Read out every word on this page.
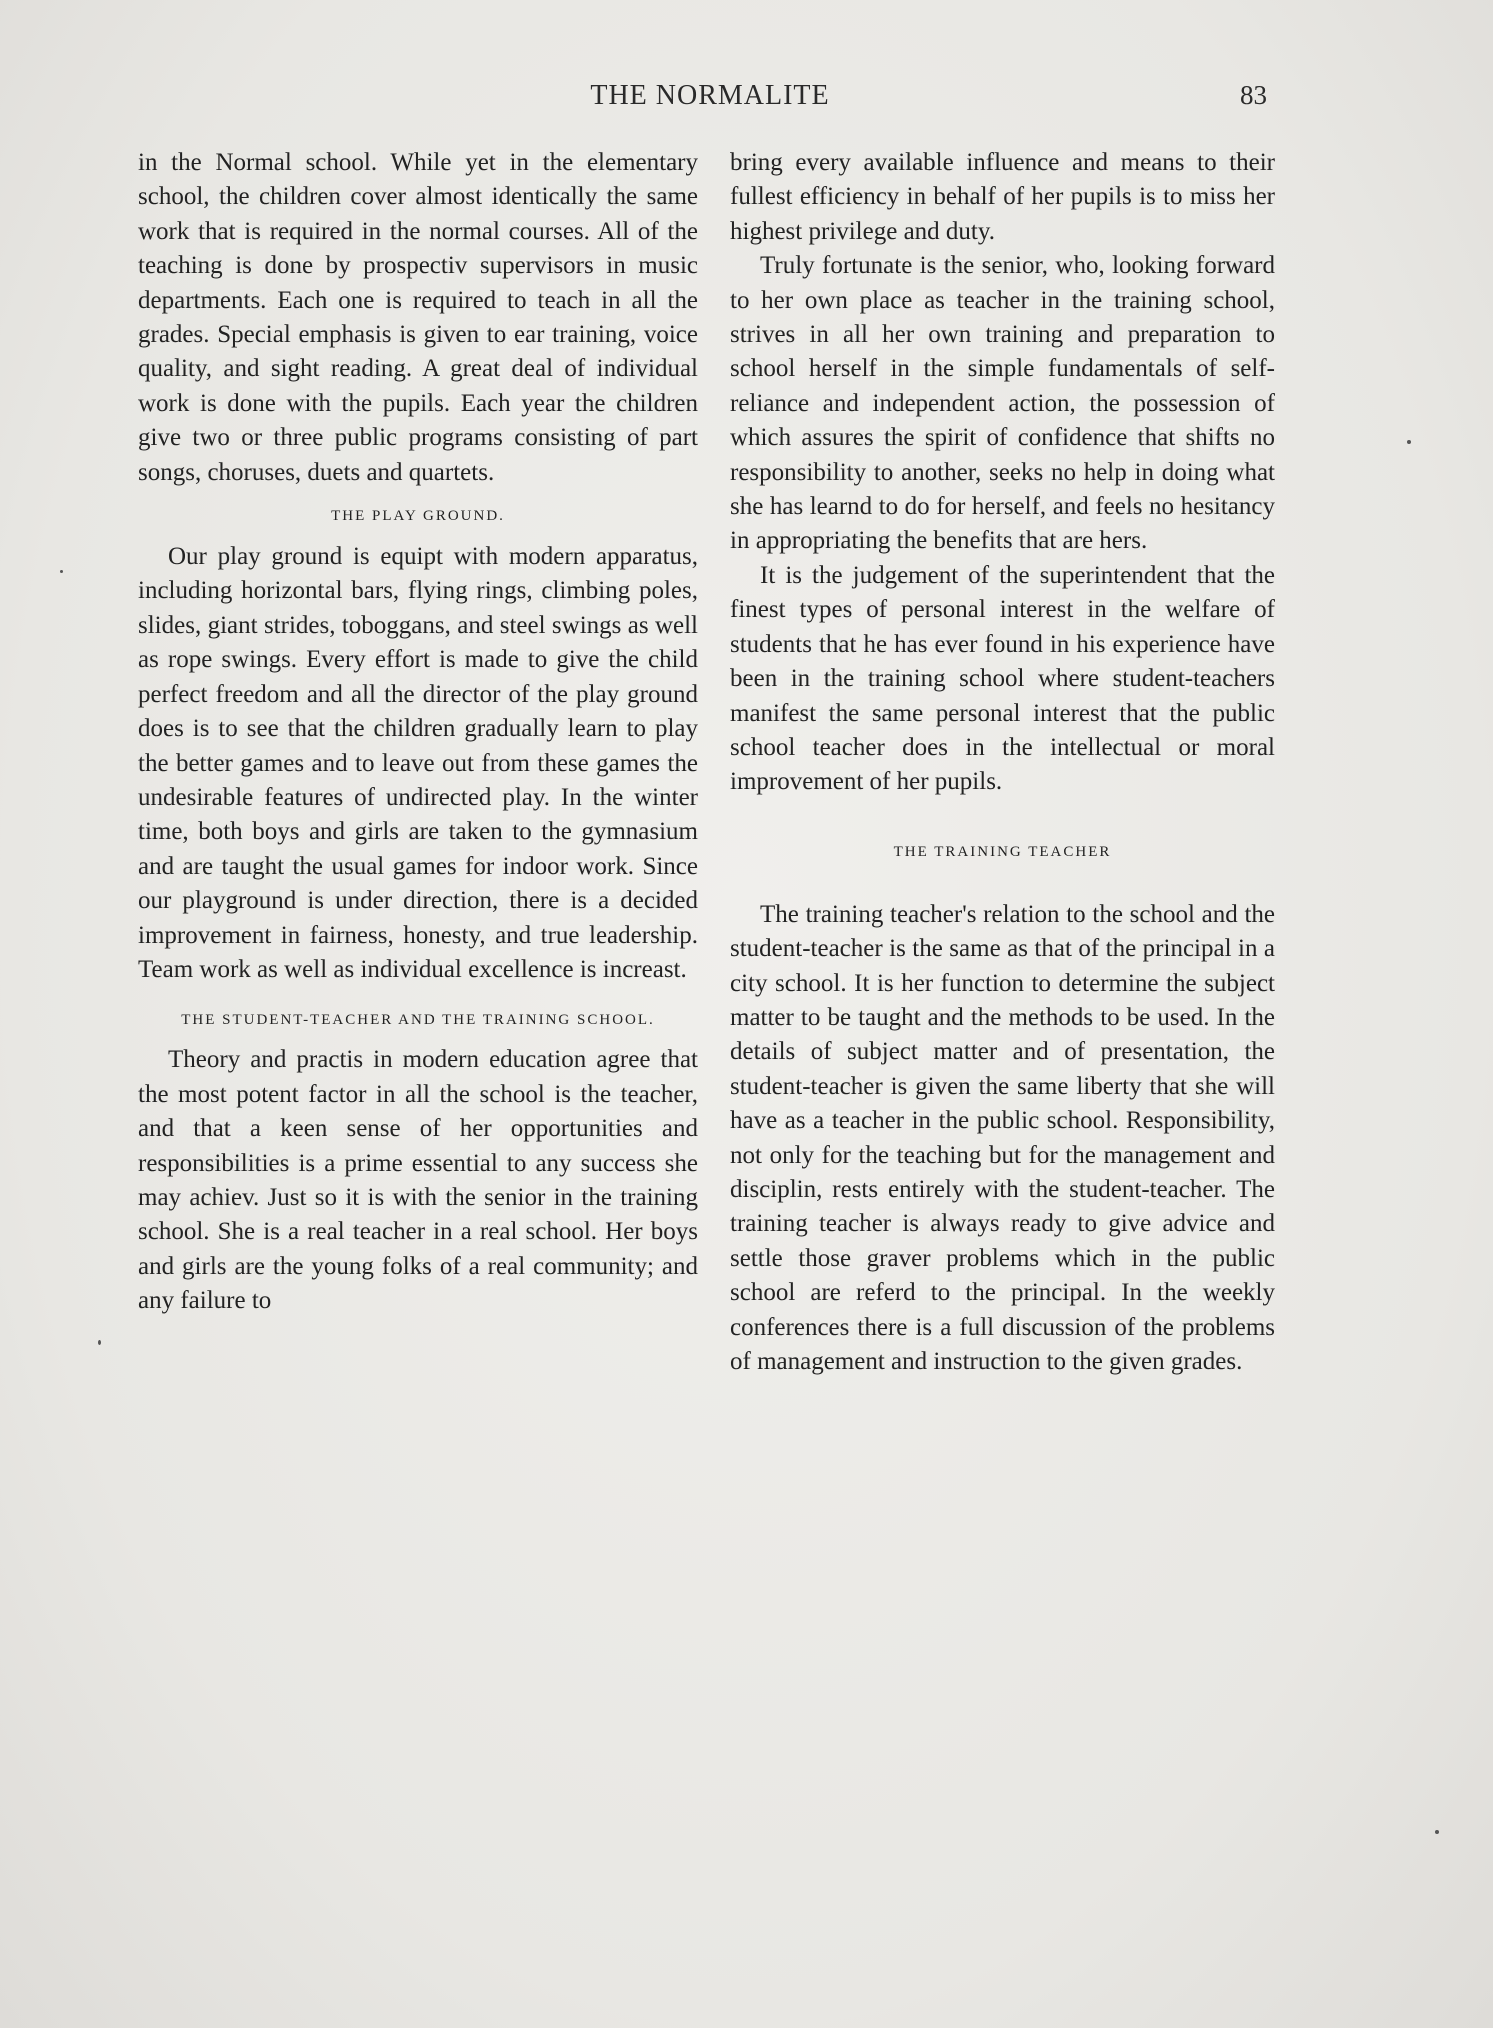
THE NORMALITE	83

in the Normal school. While yet in the elementary school, the children cover almost identically the same work that is required in the normal courses. All of the teaching is done by prospectiv supervisors in music departments. Each one is required to teach in all the grades. Special emphasis is given to ear training, voice quality, and sight reading. A great deal of individual work is done with the pupils. Each year the children give two or three public programs consisting of part songs, choruses, duets and quartets.

THE PLAY GROUND.

Our play ground is equipt with modern apparatus, including horizontal bars, flying rings, climbing poles, slides, giant strides, toboggans, and steel swings as well as rope swings. Every effort is made to give the child perfect freedom and all the director of the play ground does is to see that the children gradually learn to play the better games and to leave out from these games the undesirable features of undirected play. In the winter time, both boys and girls are taken to the gymnasium and are taught the usual games for indoor work. Since our playground is under direction, there is a decided improvement in fairness, honesty, and true leadership. Team work as well as individual excellence is increast.

THE STUDENT-TEACHER AND THE TRAINING SCHOOL.

Theory and practis in modern education agree that the most potent factor in all the school is the teacher, and that a keen sense of her opportunities and responsibilities is a prime essential to any success she may achiev. Just so it is with the senior in the training school. She is a real teacher in a real school. Her boys and girls are the young folks of a real community; and any failure to

bring every available influence and means to their fullest efficiency in behalf of her pupils is to miss her highest privilege and duty.

Truly fortunate is the senior, who, looking forward to her own place as teacher in the training school, strives in all her own training and preparation to school herself in the simple fundamentals of self-reliance and independent action, the possession of which assures the spirit of confidence that shifts no responsibility to another, seeks no help in doing what she has learnd to do for herself, and feels no hesitancy in appropriating the benefits that are hers.

It is the judgement of the superintendent that the finest types of personal interest in the welfare of students that he has ever found in his experience have been in the training school where student-teachers manifest the same personal interest that the public school teacher does in the intellectual or moral improvement of her pupils.

THE TRAINING TEACHER

The training teacher's relation to the school and the student-teacher is the same as that of the principal in a city school. It is her function to determine the subject matter to be taught and the methods to be used. In the details of subject matter and of presentation, the student-teacher is given the same liberty that she will have as a teacher in the public school. Responsibility, not only for the teaching but for the management and disciplin, rests entirely with the student-teacher. The training teacher is always ready to give advice and settle those graver problems which in the public school are referd to the principal. In the weekly conferences there is a full discussion of the problems of management and instruction to the given grades.
